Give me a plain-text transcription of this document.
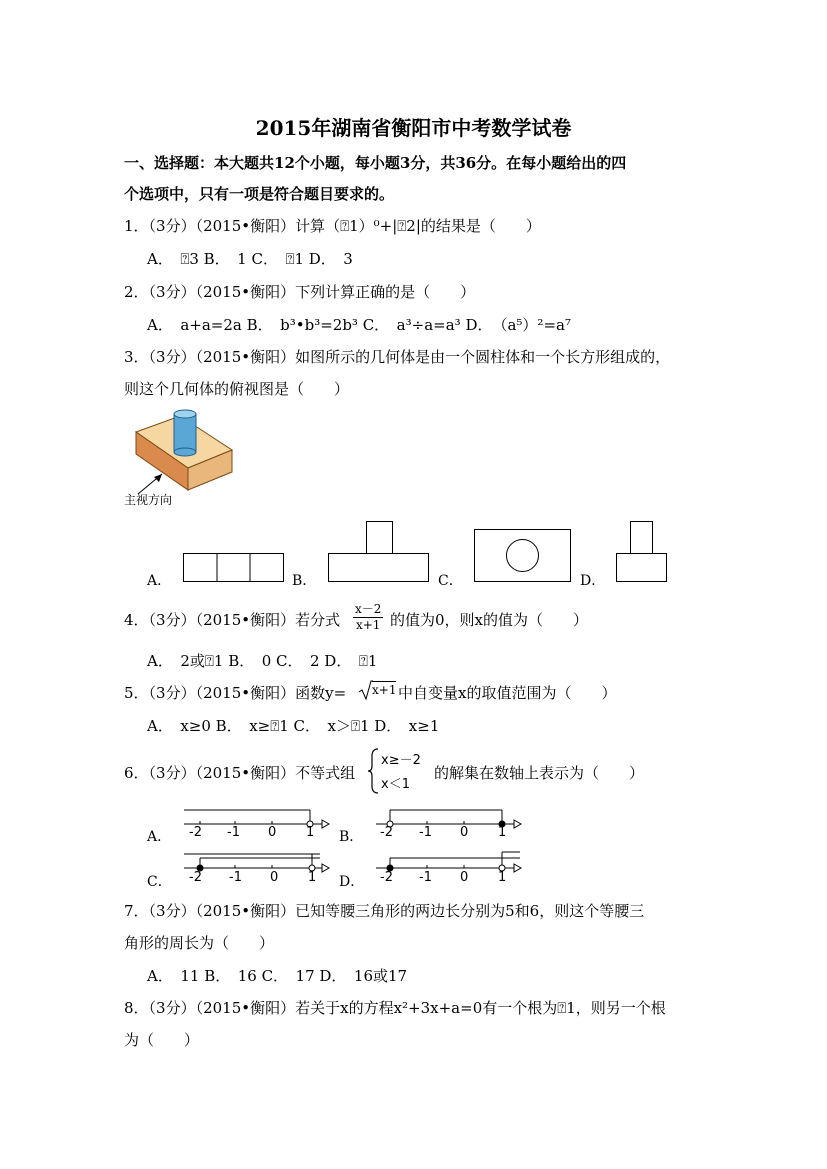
2015年湖南省衡阳市中考数学试卷
一、选择题：本大题共12个小题，每小题3分，共36分。在每小题给出的四
个选项中，只有一项是符合题目要求的。
1．（3分）（2015•衡阳）计算（⍰1）⁰+|⍰2|的结果是（　　）
A．　⍰3 B．　1 C．　⍰1 D．　3
2．（3分）（2015•衡阳）下列计算正确的是（　　）
A．　a+a=2a B．　b³•b³=2b³ C．　a³÷a=a³ D．　（a⁵）²=a⁷
3．（3分）（2015•衡阳）如图所示的几何体是由一个圆柱体和一个长方形组成的，
则这个几何体的俯视图是（　　）
主视方向
A．	B．	C．	D．
4．（3分）（2015•衡阳）若分式 $\frac{x-2}{x+1}$ 的值为0，则x的值为（　　）
A．　2或⍰1 B．　0 C．　2 D．　⍰1
5．（3分）（2015•衡阳）函数y= x+1 中自变量x的取值范围为（　　）
A．　x≥0 B．　x≥⍰1 C．　x＞⍰1 D．　x≥1
6．（3分）（2015•衡阳）不等式组
x≥－2
x＜1
的解集在数轴上表示为（　　）
A． -2 -1 0 1 B． -2 -1 0 1
C． -2 -1 0 1 D． -2 -1 0 1
7．（3分）（2015•衡阳）已知等腰三角形的两边长分别为5和6，则这个等腰三
角形的周长为（　　）
A．　11 B．　16 C．　17 D．　16或17
8．（3分）（2015•衡阳）若关于x的方程x²+3x+a=0有一个根为⍰1，则另一个根
为（　　）
